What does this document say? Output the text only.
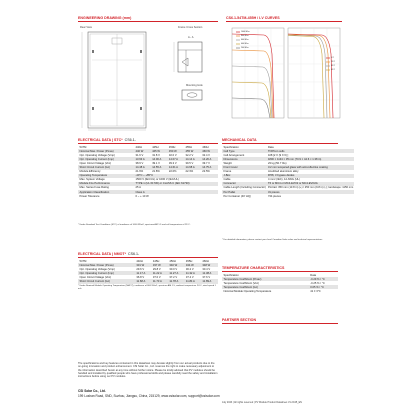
ENGINEERING DRAWING (mm)
Rear View	Frame Cross Section
A - A
Mounting Hole
CS6.1-54TM-455H / I-V CURVES
1000 W/m²
800 W/m²
600 W/m²
400 W/m²
200 W/m²
5°C
25°C
45°C
65°C
ELECTRICAL DATA | STC* CS6.1-
54TM	440H	445H	450H	455H	460H
Nominal Max. Power (Pmax)	440 W	445 W	450 W	455 W	460 W
Opt. Operating Voltage (Vmp)	31.6 V	31.8 V	32.0 V	32.2 V	32.4 V
Opt. Operating Current (Imp)	13.93 A	14.00 A	14.07 A	14.14 A	14.20 A
Open Circuit Voltage (Voc)	38.9 V	39.1 V	39.3 V	39.5 V	39.7 V
Short Circuit Current (Isc)	14.48 A	14.55 A	14.61 A	14.68 A	14.75 A
Module Efficiency	21.6%	21.8%	22.0%	22.3%	22.5%
Operating Temperature	-40°C ~ +85°C				
Max. System Voltage	1500 V (IEC/UL) or 1000 V (IEC/UL)				
Module Fire Performance	TYPE 1 (UL 61730) or CLASS C (IEC 61730)				
Max. Series Fuse Rating	25 A				
Application Classification	Class A				
Power Tolerance	0 ~ + 10 W				
* Under Standard Test Conditions (STC) of irradiance of 1000 W/m2, spectrum AM 1.5 and cell temperature of 25°C.
ELECTRICAL DATA | NMOT* CS6.1-
54TM	440H	445H	450H	455H	460H
Nominal Max. Power (Pmax)	331 W	337 W	340 W	344 W	348 W
Opt. Operating Voltage (Vmp)	29.6 V	29.8 V	30.0 V	30.2 V	30.4 V
Opt. Operating Current (Imp)	11.17 A	11.22 A	11.27 A	11.32 A	11.38 A
Open Circuit Voltage (Voc)	36.8 V	37.0 V	37.2 V	37.4 V	37.6 V
Short Circuit Current (Isc)	11.68 A	11.73 A	11.78 A	11.84 A	11.89 A
* Under Nominal Module Operating Temperature (NMOT), irradiance of 800 W/m2, spectrum AM 1.5, ambient temperature 20°C, wind speed 1 m/s.
MECHANICAL DATA
Specification	Data
Cell Type	TOPCon cells
Cell Arrangement	108 [2 X (9 X 6) ]
Dimensions	1800 × 1134 × 35 mm (70.9 × 44.6 × 1.38 in)
Weight	23 kg (50.7 lbs)
Front Cover	3.2 mm tempered glass with anti-reflective coating
Frame	Anodized aluminium alloy
J-Box	IP68, 3 bypass diodes
Cable	4 mm² (IEC), 12 AWG (UL)
Connector	T6 or MC4 or MC4-EVO2 or MC4-EVO2A
Cable Length (Including Connector)	Portrait: 350 mm (13.8 in) (+) / 250 mm (9.8 in) (-); landscape: 1150 mm
Per Pallet	31 pieces
Per Container (40' HQ)	744 pieces
* For detailed information, please contact your local Canadian Solar sales and technical representatives.
TEMPERATURE CHARACTERISTICS
Specification	Data
Temperature Coefficient (Pmax)	-0.29 % / °C
Temperature Coefficient (Voc)	-0.25 % / °C
Temperature Coefficient (Isc)	0.05 % / °C
Nominal Module Operating Temperature	41 ± 3°C
PARTNER SECTION
The specifications and key features contained in this datasheet may deviate slightly from our actual products due to the on-going innovation and product enhancement. CSI Solar Co., Ltd. reserves the right to make necessary adjustment to the information described herein at any time without further notice. Please be kindly advised that PV modules should be handled and installed by qualified people who have professional skills and please carefully read the safety and installation instructions before using our PV modules.
CSI Solar Co., Ltd.
199 Lushan Road, SND, Suzhou, Jiangsu, China, 215129, www.csisolar.com, support@csisolar.com
July 2023 | All rights reserved | PV Module Product Datasheet V1.2C25_EN
